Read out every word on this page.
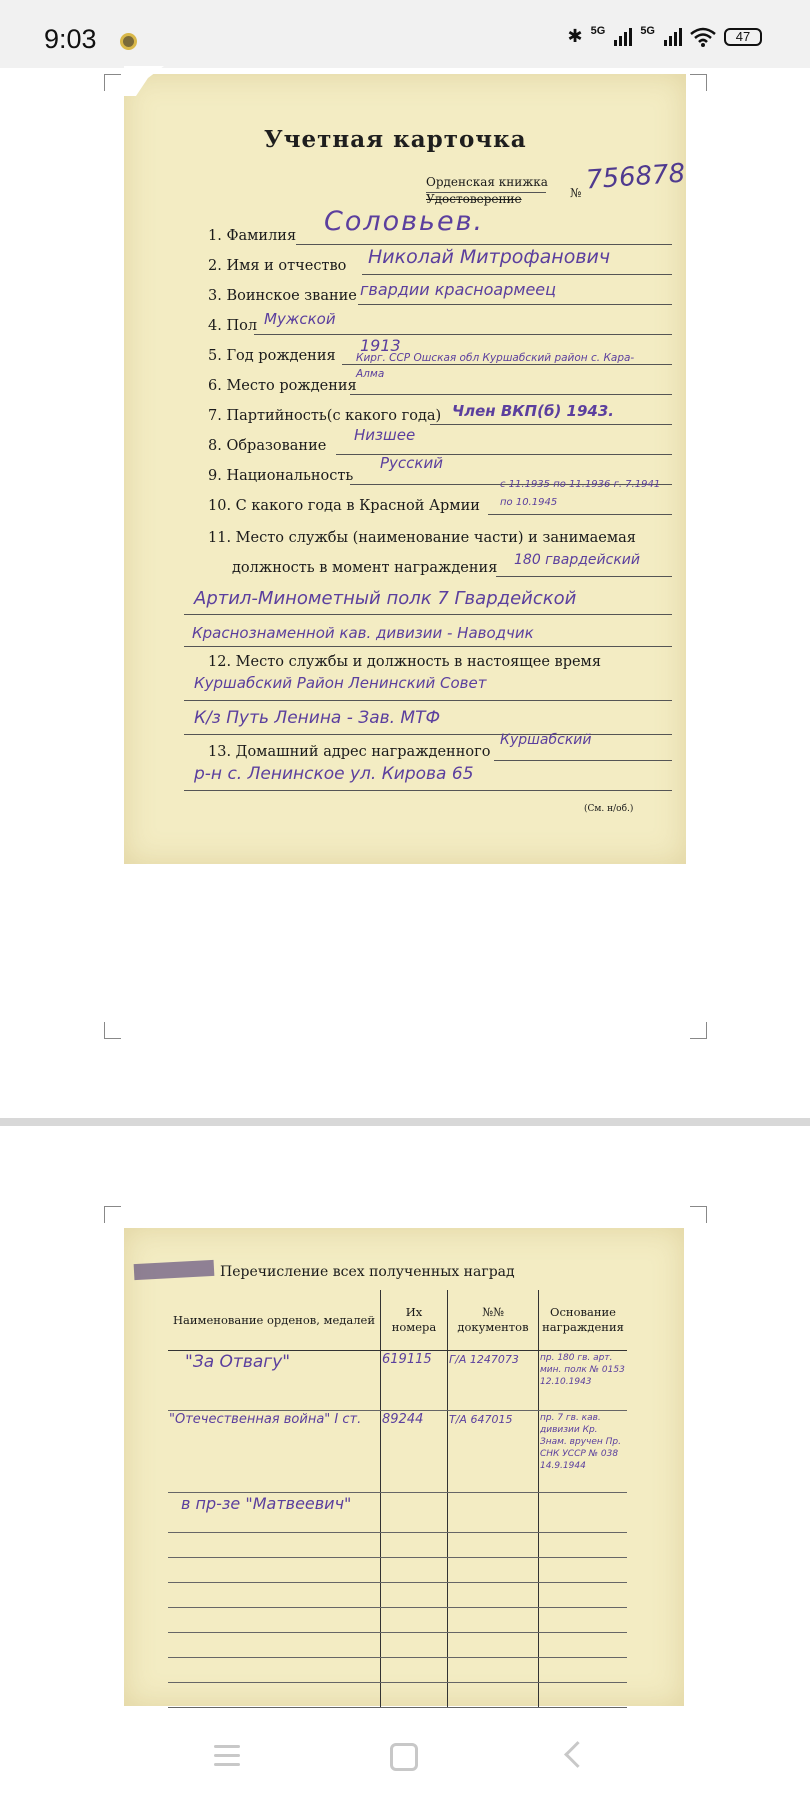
9:03	✱ 5G	5G	47
Учетная карточка
Орденская книжка
Удостоверение	№ 756878
1. Фамилия Соловьев.
2. Имя и отчество Николай Митрофанович
3. Воинское звание гвардии красноармеец
4. Пол Мужской
5. Год рождения
1913
6. Место рождения
Кирг. ССР Ошская обл Куршабский район с. Кара-Алма
7. Партийность(с какого года) Член ВКП(б) 1943.
8. Образование
Низшее
9. Национальность
Русский
10. С какого года в Красной Армии
с 11.1935 по 11.1936 г. 7.1941 по 10.1945
11. Место службы (наименование части) и занимаемая
должность в момент награждения 180 гвардейский
Артил-Минометный полк 7 Гвардейской
Краснознаменной кав. дивизии - Наводчик
12. Место службы и должность в настоящее время
Куршабский Район Ленинский Совет
К/з Путь Ленина - Зав. МТФ
13. Домашний адрес награжденного
Куршабский
р-н с. Ленинское ул. Кирова 65
(См. н/об.)
Перечисление всех полученных наград
Наименование орденов, медалей	Их номера	№№ документов	Основание награждения
"За Отвагу"	619115	Г/А 1247073	пр. 180 гв. арт. мин. полк № 0153 12.10.1943

"Отечественная война" I ст.	89244	Т/А 647015	пр. 7 гв. кав. дивизии Кр. Знам. вручен Пр. СНК УССР № 038 14.9.1944

в пр-зе "Матвеевич"			
